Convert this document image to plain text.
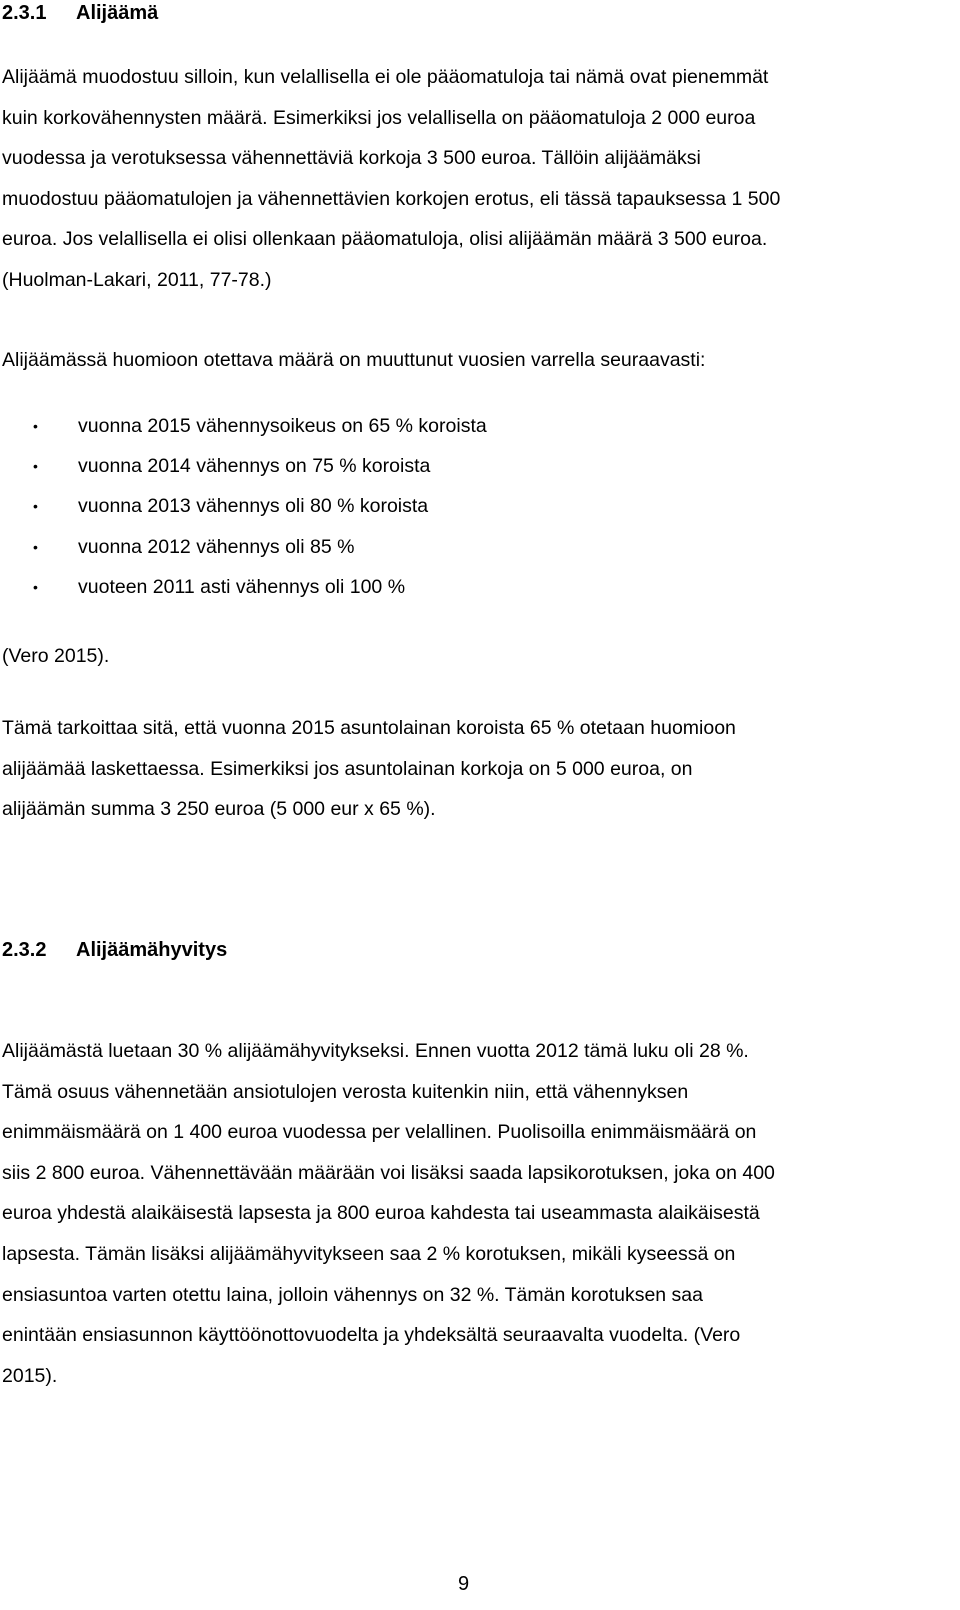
2.3.1 Alijäämä
Alijäämä muodostuu silloin, kun velallisella ei ole pääomatuloja tai nämä ovat pienemmät
kuin korkovähennysten määrä. Esimerkiksi jos velallisella on pääomatuloja 2 000 euroa
vuodessa ja verotuksessa vähennettäviä korkoja 3 500 euroa. Tällöin alijäämäksi
muodostuu pääomatulojen ja vähennettävien korkojen erotus, eli tässä tapauksessa 1 500
euroa. Jos velallisella ei olisi ollenkaan pääomatuloja, olisi alijäämän määrä 3 500 euroa.
(Huolman-Lakari, 2011, 77-78.)
Alijäämässä huomioon otettava määrä on muuttunut vuosien varrella seuraavasti:
• vuonna 2015 vähennysoikeus on 65 % koroista
• vuonna 2014 vähennys on 75 % koroista
• vuonna 2013 vähennys oli 80 % koroista
• vuonna 2012 vähennys oli 85 %
• vuoteen 2011 asti vähennys oli 100 %
(Vero 2015).
Tämä tarkoittaa sitä, että vuonna 2015 asuntolainan koroista 65 % otetaan huomioon
alijäämää laskettaessa. Esimerkiksi jos asuntolainan korkoja on 5 000 euroa, on
alijäämän summa 3 250 euroa (5 000 eur x 65 %).
2.3.2 Alijäämähyvitys
Alijäämästä luetaan 30 % alijäämähyvitykseksi. Ennen vuotta 2012 tämä luku oli 28 %.
Tämä osuus vähennetään ansiotulojen verosta kuitenkin niin, että vähennyksen
enimmäismäärä on 1 400 euroa vuodessa per velallinen. Puolisoilla enimmäismäärä on
siis 2 800 euroa. Vähennettävään määrään voi lisäksi saada lapsikorotuksen, joka on 400
euroa yhdestä alaikäisestä lapsesta ja 800 euroa kahdesta tai useammasta alaikäisestä
lapsesta. Tämän lisäksi alijäämähyvitykseen saa 2 % korotuksen, mikäli kyseessä on
ensiasuntoa varten otettu laina, jolloin vähennys on 32 %. Tämän korotuksen saa
enintään ensiasunnon käyttöönottovuodelta ja yhdeksältä seuraavalta vuodelta. (Vero
2015).
9
